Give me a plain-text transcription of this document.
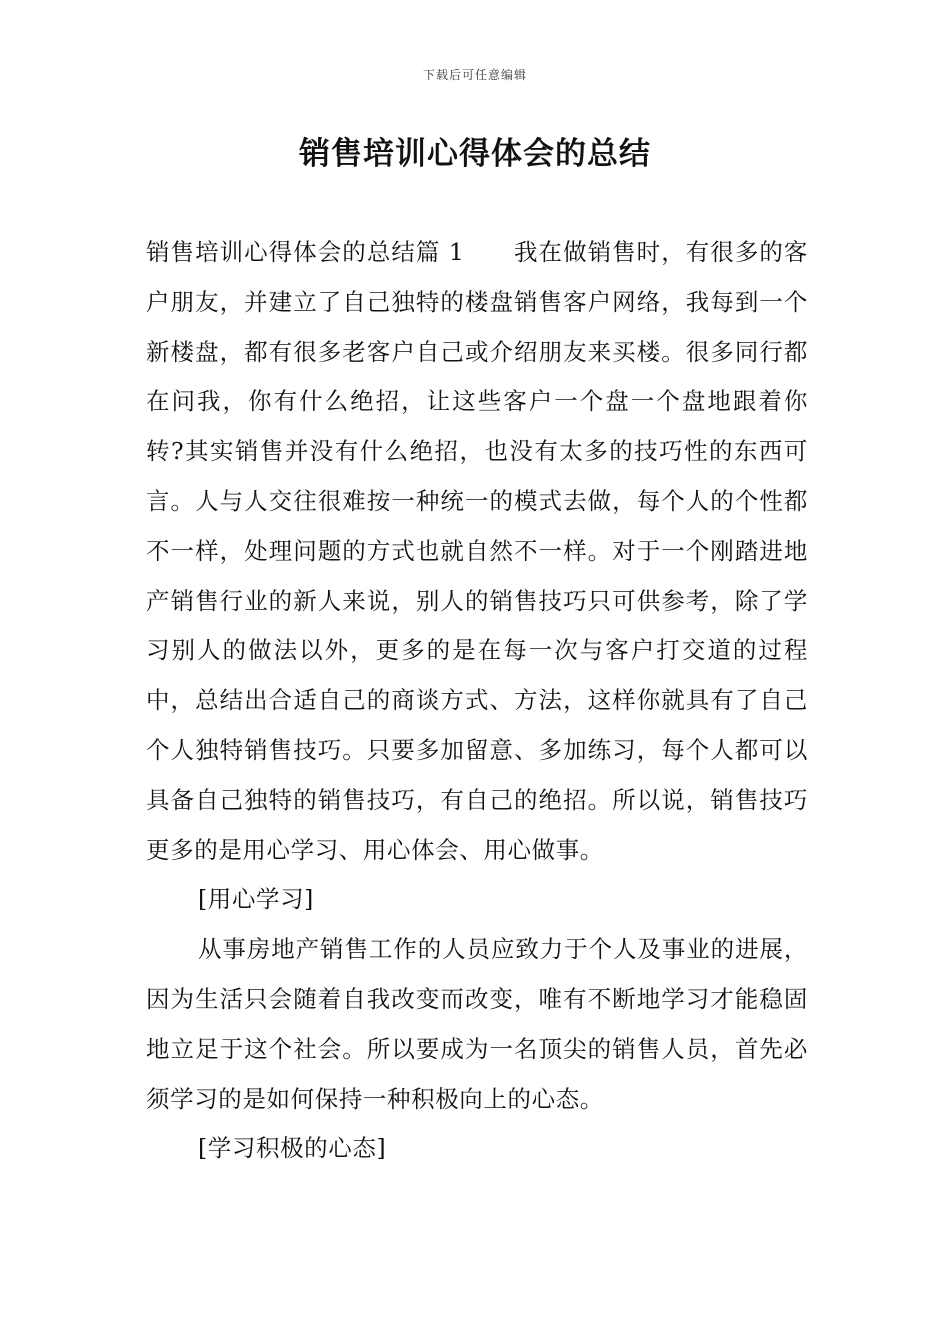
下载后可任意编辑
销售培训心得体会的总结

销售培训心得体会的总结篇 1　　我在做销售时，有很多的客户朋友，并建立了自己独特的楼盘销售客户网络，我每到一个新楼盘，都有很多老客户自己或介绍朋友来买楼。很多同行都在问我，你有什么绝招，让这些客户一个盘一个盘地跟着你转?其实销售并没有什么绝招，也没有太多的技巧性的东西可言。人与人交往很难按一种统一的模式去做，每个人的个性都不一样，处理问题的方式也就自然不一样。对于一个刚踏进地产销售行业的新人来说，别人的销售技巧只可供参考，除了学习别人的做法以外，更多的是在每一次与客户打交道的过程中，总结出合适自己的商谈方式、方法，这样你就具有了自己个人独特销售技巧。只要多加留意、多加练习，每个人都可以具备自己独特的销售技巧，有自己的绝招。所以说，销售技巧更多的是用心学习、用心体会、用心做事。

[用心学习]

从事房地产销售工作的人员应致力于个人及事业的进展，因为生活只会随着自我改变而改变，唯有不断地学习才能稳固地立足于这个社会。所以要成为一名顶尖的销售人员，首先必须学习的是如何保持一种积极向上的心态。

[学习积极的心态]
